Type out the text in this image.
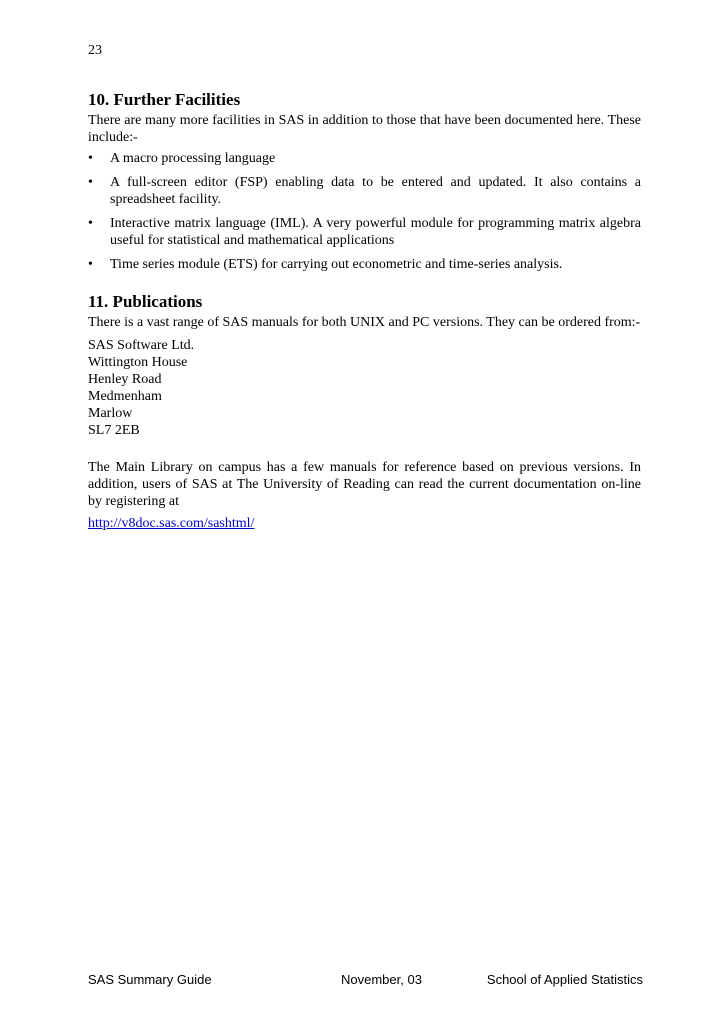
23
10. Further Facilities

There are many more facilities in SAS in addition to those that have been documented here. These include:-

•	A macro processing language
•	A full-screen editor (FSP) enabling data to be entered and updated. It also contains a spreadsheet facility.
•	Interactive matrix language (IML). A very powerful module for programming matrix algebra useful for statistical and mathematical applications
•	Time series module (ETS) for carrying out econometric and time-series analysis.
11. Publications

There is a vast range of SAS manuals for both UNIX and PC versions. They can be ordered from:-

SAS Software Ltd.
Wittington House
Henley Road
Medmenham
Marlow
SL7 2EB

The Main Library on campus has a few manuals for reference based on previous versions. In addition, users of SAS at The University of Reading can read the current documentation on-line by registering at

http://v8doc.sas.com/sashtml/
SAS Summary Guide	November, 03	School of Applied Statistics
